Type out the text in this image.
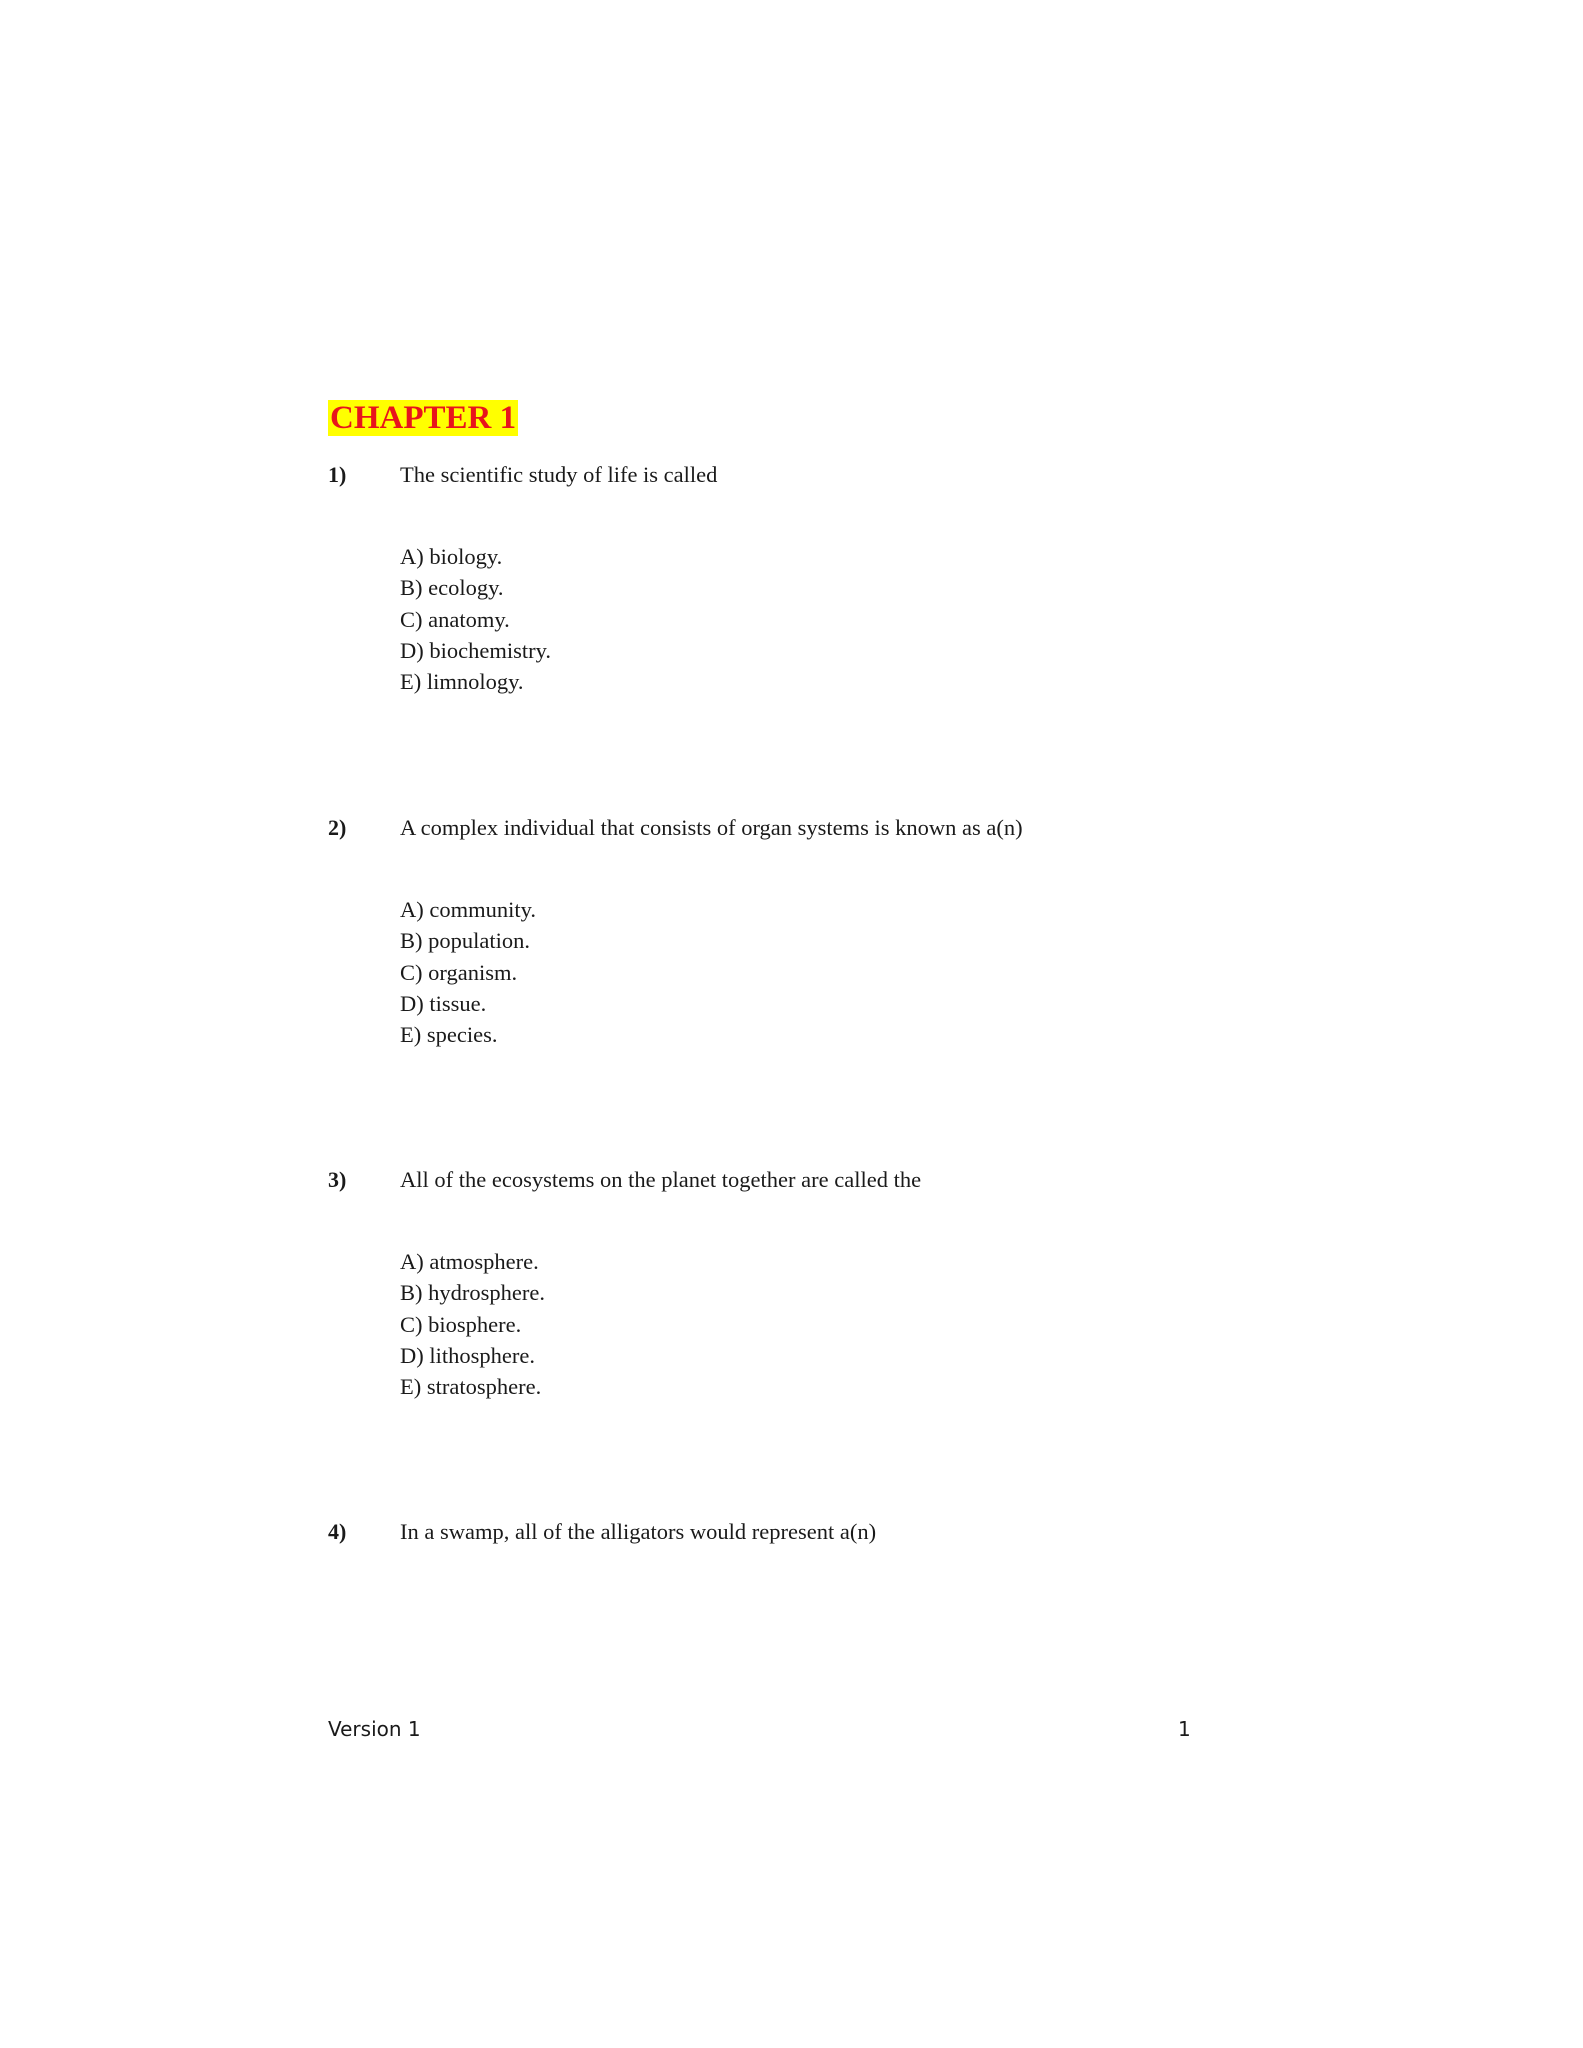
CHAPTER 1
1) The scientific study of life is called
A) biology.
B) ecology.
C) anatomy.
D) biochemistry.
E) limnology.
2) A complex individual that consists of organ systems is known as a(n)
A) community.
B) population.
C) organism.
D) tissue.
E) species.
3) All of the ecosystems on the planet together are called the
A) atmosphere.
B) hydrosphere.
C) biosphere.
D) lithosphere.
E) stratosphere.
4) In a swamp, all of the alligators would represent a(n)
Version 1	1
